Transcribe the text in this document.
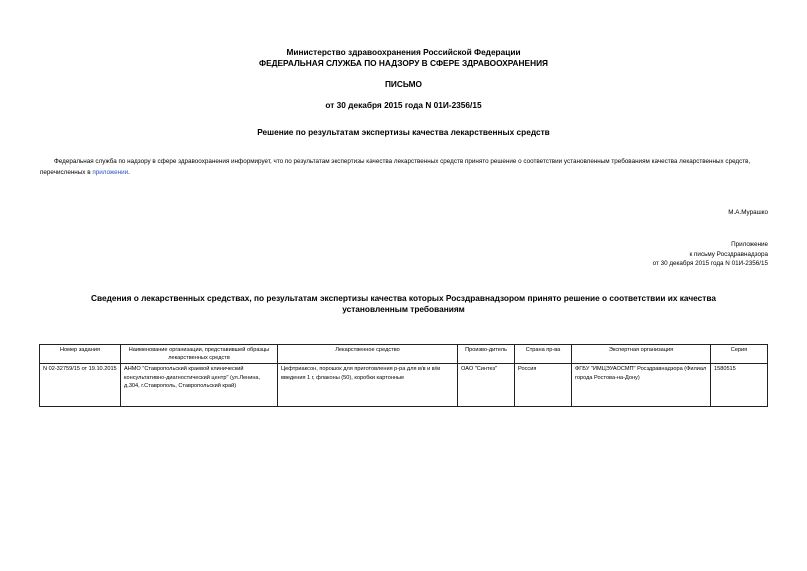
Министерство здравоохранения Российской Федерации
ФЕДЕРАЛЬНАЯ СЛУЖБА ПО НАДЗОРУ В СФЕРЕ ЗДРАВООХРАНЕНИЯ
ПИСЬМО
от 30 декабря 2015 года N 01И-2356/15
Решение по результатам экспертизы качества лекарственных средств
Федеральная служба по надзору в сфере здравоохранения информирует, что по результатам экспертизы качества лекарственных средств принято решение о соответствии установленным требованиям качества лекарственных средств, перечисленных в приложении.
М.А.Мурашко
Приложение
к письму Росздравнадзора
от 30 декабря 2015 года N 01И-2356/15
Сведения о лекарственных средствах, по результатам экспертизы качества которых Росздравнадзором принято решение о соответствии их качества
установленным требованиям
Номер задания	Наименование организации, представившей образцы лекарственных средств	Лекарственное средство	Произво-дитель	Страна пр-ва	Экспертная организация	Серия
N 02-32759/15 от 19.10.2015	АНМО "Ставропольский краевой клинический консультативно-диагностический центр" (ул.Ленина, д.304, г.Ставрополь, Ставропольский край)	Цефтриаксон, порошок для приготовления р-ра для в/в и в/м введения 1 г, флаконы (50), коробки картонные	ОАО "Синтез"	Россия	ФГБУ "ИМЦЭУАОСМП" Росздравнадзора (Филиал города Ростова-на-Дону)	1580515
